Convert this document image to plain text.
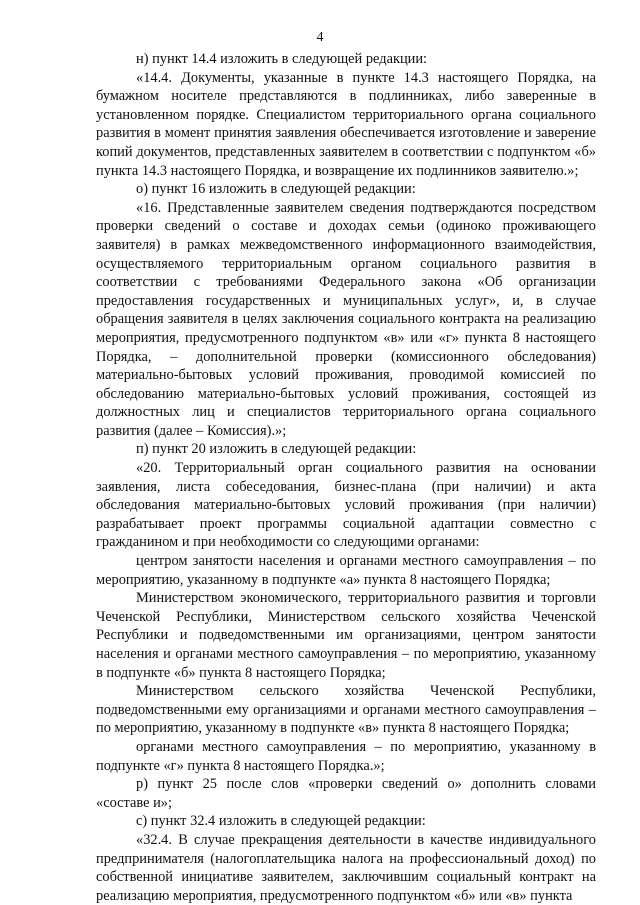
4

н) пункт 14.4 изложить в следующей редакции:

«14.4. Документы, указанные в пункте 14.3 настоящего Порядка, на бумажном носителе представляются в подлинниках, либо заверенные в установленном порядке. Специалистом территориального органа социального развития в момент принятия заявления обеспечивается изготовление и заверение копий документов, представленных заявителем в соответствии с подпунктом «б» пункта 14.3 настоящего Порядка, и возвращение их подлинников заявителю.»;

о) пункт 16 изложить в следующей редакции:

«16. Представленные заявителем сведения подтверждаются посредством проверки сведений о составе и доходах семьи (одиноко проживающего заявителя) в рамках межведомственного информационного взаимодействия, осуществляемого территориальным органом социального развития в соответствии с требованиями Федерального закона «Об организации предоставления государственных и муниципальных услуг», и, в случае обращения заявителя в целях заключения социального контракта на реализацию мероприятия, предусмотренного подпунктом «в» или «г» пункта 8 настоящего Порядка, – дополнительной проверки (комиссионного обследования) материально-бытовых условий проживания, проводимой комиссией по обследованию материально-бытовых условий проживания, состоящей из должностных лиц и специалистов территориального органа социального развития (далее – Комиссия).»;

п) пункт 20 изложить в следующей редакции:

«20. Территориальный орган социального развития на основании заявления, листа собеседования, бизнес-плана (при наличии) и акта обследования материально-бытовых условий проживания (при наличии) разрабатывает проект программы социальной адаптации совместно с гражданином и при необходимости со следующими органами:

центром занятости населения и органами местного самоуправления – по мероприятию, указанному в подпункте «а» пункта 8 настоящего Порядка;

Министерством экономического, территориального развития и торговли Чеченской Республики, Министерством сельского хозяйства Чеченской Республики и подведомственными им организациями, центром занятости населения и органами местного самоуправления – по мероприятию, указанному в подпункте «б» пункта 8 настоящего Порядка;

Министерством сельского хозяйства Чеченской Республики, подведомственными ему организациями и органами местного самоуправления – по мероприятию, указанному в подпункте «в» пункта 8 настоящего Порядка;

органами местного самоуправления – по мероприятию, указанному в подпункте «г» пункта 8 настоящего Порядка.»;

р) пункт 25 после слов «проверки сведений о» дополнить словами «составе и»;

с) пункт 32.4 изложить в следующей редакции:

«32.4. В случае прекращения деятельности в качестве индивидуального предпринимателя (налогоплательщика налога на профессиональный доход) по собственной инициативе заявителем, заключившим социальный контракт на реализацию мероприятия, предусмотренного подпунктом «б» или «в» пункта
